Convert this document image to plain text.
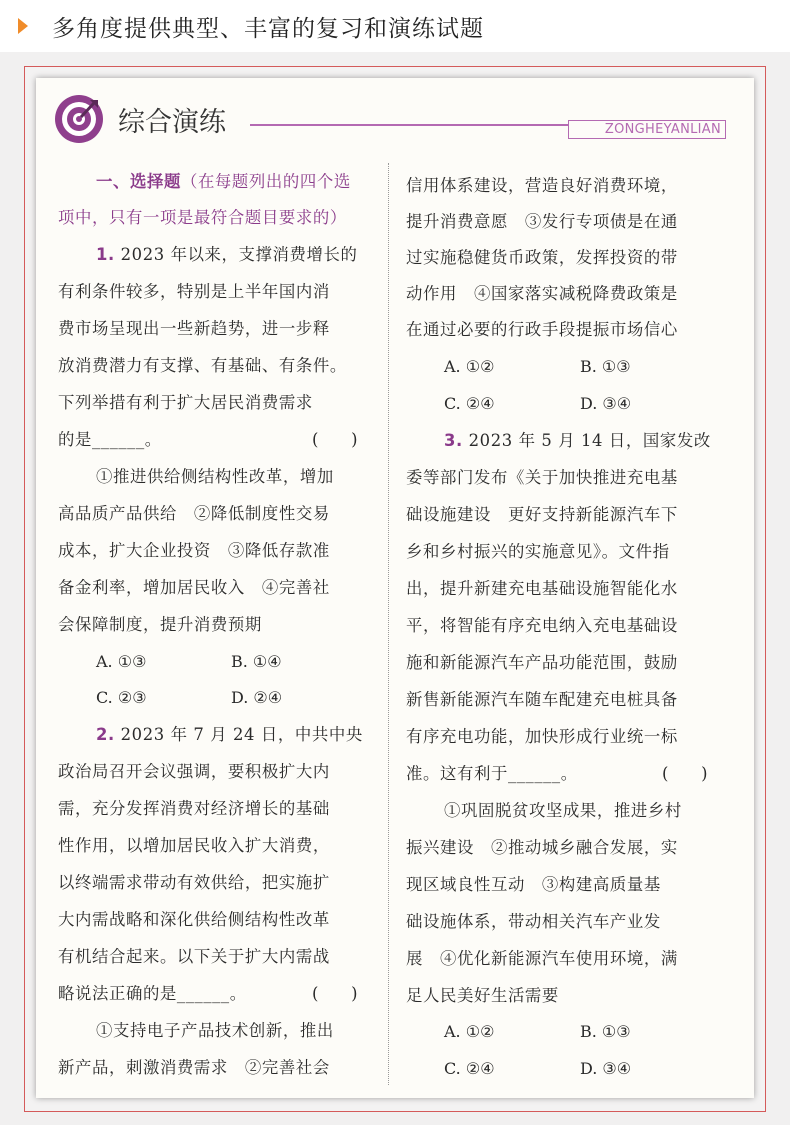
多角度提供典型、丰富的复习和演练试题
综合演练	ZONGHEYANLIAN
一、选择题（在每题列出的四个选
项中，只有一项是最符合题目要求的）
1. 2023 年以来，支撑消费增长的
有利条件较多，特别是上半年国内消
费市场呈现出一些新趋势，进一步释
放消费潜力有支撑、有基础、有条件。
下列举措有利于扩大居民消费需求
的是______。	(　　)
①推进供给侧结构性改革，增加
高品质产品供给　②降低制度性交易
成本，扩大企业投资　③降低存款准
备金利率，增加居民收入　④完善社
会保障制度，提升消费预期
A. ①③	B. ①④
C. ②③	D. ②④
2. 2023 年 7 月 24 日，中共中央
政治局召开会议强调，要积极扩大内
需，充分发挥消费对经济增长的基础
性作用，以增加居民收入扩大消费，
以终端需求带动有效供给，把实施扩
大内需战略和深化供给侧结构性改革
有机结合起来。以下关于扩大内需战
略说法正确的是______。	(　　)
①支持电子产品技术创新，推出
新产品，刺激消费需求　②完善社会
信用体系建设，营造良好消费环境，
提升消费意愿　③发行专项债是在通
过实施稳健货币政策，发挥投资的带
动作用　④国家落实减税降费政策是
在通过必要的行政手段提振市场信心
A. ①②	B. ①③
C. ②④	D. ③④
3. 2023 年 5 月 14 日，国家发改
委等部门发布《关于加快推进充电基
础设施建设　更好支持新能源汽车下
乡和乡村振兴的实施意见》。文件指
出，提升新建充电基础设施智能化水
平，将智能有序充电纳入充电基础设
施和新能源汽车产品功能范围，鼓励
新售新能源汽车随车配建充电桩具备
有序充电功能，加快形成行业统一标
准。这有利于______。	(　　)
①巩固脱贫攻坚成果，推进乡村
振兴建设　②推动城乡融合发展，实
现区域良性互动　③构建高质量基
础设施体系，带动相关汽车产业发
展　④优化新能源汽车使用环境，满
足人民美好生活需要
A. ①②	B. ①③
C. ②④	D. ③④
